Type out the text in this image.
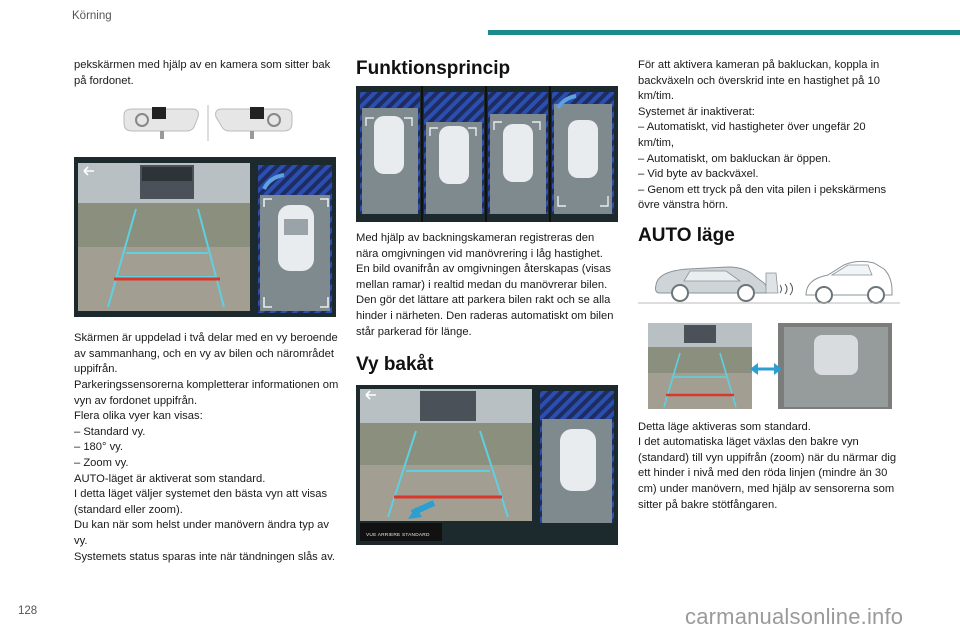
Körning

pekskärmen med hjälp av en kamera som sitter bak på fordonet.

Skärmen är uppdelad i två delar med en vy beroende av sammanhang, och en vy av bilen och närområdet uppifrån.

Parkeringssensorerna kompletterar informationen om vyn av fordonet uppifrån.

Flera olika vyer kan visas:

– Standard vy.

– 180° vy.

– Zoom vy.

AUTO-läget är aktiverat som standard.

I detta läget väljer systemet den bästa vyn att visas (standard eller zoom).

Du kan när som helst under manövern ändra typ av vy.

Systemets status sparas inte när tändningen slås av.

Funktionsprincip

Med hjälp av backningskameran registreras den nära omgivningen vid manövrering i låg hastighet.

En bild ovanifrån av omgivningen återskapas (visas mellan ramar) i realtid medan du manövrerar bilen.

Den gör det lättare att parkera bilen rakt och se alla hinder i närheten. Den raderas automatiskt om bilen står parkerad för länge.

Vy bakåt
VUE ARRIERE STANDARD

För att aktivera kameran på bakluckan, koppla in backväxeln och överskrid inte en hastighet på 10 km/tim.

Systemet är inaktiverat:

– Automatiskt, vid hastigheter över ungefär 20 km/tim,

– Automatiskt, om bakluckan är öppen.

– Vid byte av backväxel.

– Genom ett tryck på den vita pilen i pekskärmens övre vänstra hörn.

AUTO läge

Detta läge aktiveras som standard.

I det automatiska läget växlas den bakre vyn (standard) till vyn uppifrån (zoom) när du närmar dig ett hinder i nivå med den röda linjen (mindre än 30 cm) under manövern, med hjälp av sensorerna som sitter på bakre stötfångaren.

128	carmanualsonline.info
